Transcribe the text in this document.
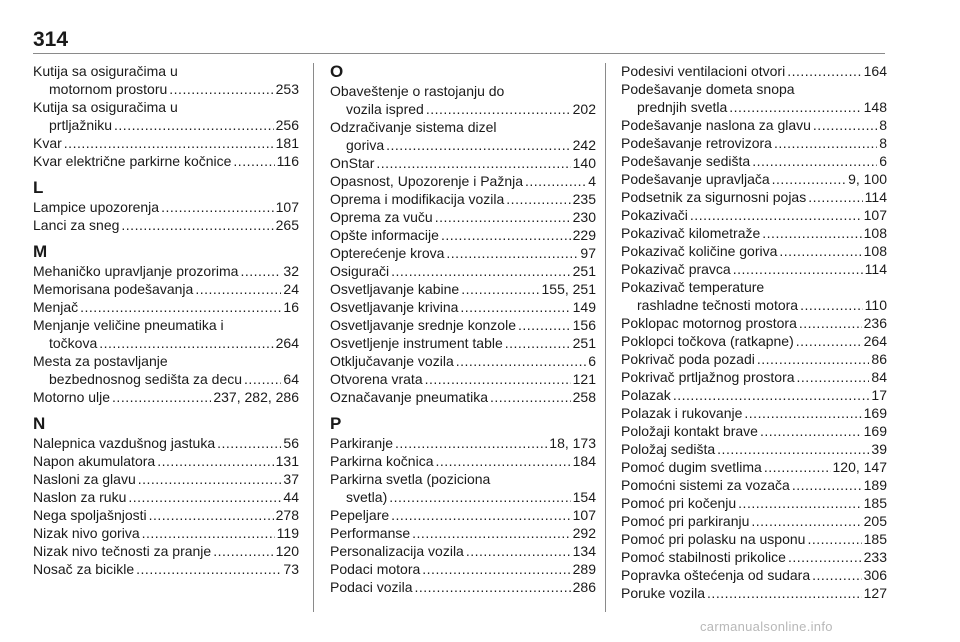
314
Kutija sa osiguračima u
motornom prostoru .....	253
Kutija sa osiguračima u
prtljažniku .....	256
Kvar .....	181
Kvar električne parkirne kočnice .....	116
L
Lampice upozorenja .....	107
Lanci za sneg .....	265
M
Mehaničko upravljanje prozorima .....	32
Memorisana podešavanja .....	24
Menjač .....	16
Menjanje veličine pneumatika i
točkova .....	264
Mesta za postavljanje
bezbednosnog sedišta za decu .....	64
Motorno ulje .....	237, 282, 286
N
Nalepnica vazdušnog jastuka .....	56
Napon akumulatora .....	131
Nasloni za glavu .....	37
Naslon za ruku .....	44
Nega spoljašnjosti .....	278
Nizak nivo goriva .....	119
Nizak nivo tečnosti za pranje .....	120
Nosač za bicikle .....	73
O
Obaveštenje o rastojanju do
vozila ispred .....	202
Odzračivanje sistema dizel
goriva .....	242
OnStar .....	140
Opasnost, Upozorenje i Pažnja .....	4
Oprema i modifikacija vozila .....	235
Oprema za vuču .....	230
Opšte informacije .....	229
Opterećenje krova .....	97
Osigurači .....	251
Osvetljavanje kabine .....	155, 251
Osvetljavanje krivina .....	149
Osvetljavanje srednje konzole .....	156
Osvetljenje instrument table .....	251
Otključavanje vozila .....	6
Otvorena vrata .....	121
Označavanje pneumatika .....	258
P
Parkiranje .....	18, 173
Parkirna kočnica .....	184
Parkirna svetla (poziciona
svetla) .....	154
Pepeljare .....	107
Performanse .....	292
Personalizacija vozila .....	134
Podaci motora .....	289
Podaci vozila .....	286
Podesivi ventilacioni otvori .....	164
Podešavanje dometa snopa
prednjih svetla .....	148
Podešavanje naslona za glavu .....	8
Podešavanje retrovizora .....	8
Podešavanje sedišta .....	6
Podešavanje upravljača .....	9, 100
Podsetnik za sigurnosni pojas .....	114
Pokazivači .....	107
Pokazivač kilometraže .....	108
Pokazivač količine goriva .....	108
Pokazivač pravca .....	114
Pokazivač temperature
rashladne tečnosti motora .....	110
Poklopac motornog prostora .....	236
Poklopci točkova (ratkapne) .....	264
Pokrivač poda pozadi .....	86
Pokrivač prtljažnog prostora .....	84
Polazak .....	17
Polazak i rukovanje .....	169
Položaji kontakt brave .....	169
Položaj sedišta .....	39
Pomoć dugim svetlima .....	120, 147
Pomoćni sistemi za vozača .....	189
Pomoć pri kočenju .....	185
Pomoć pri parkiranju .....	205
Pomoć pri polasku na usponu .....	185
Pomoć stabilnosti prikolice .....	233
Popravka oštećenja od sudara .....	306
Poruke vozila .....	127
carmanualsonline.info
